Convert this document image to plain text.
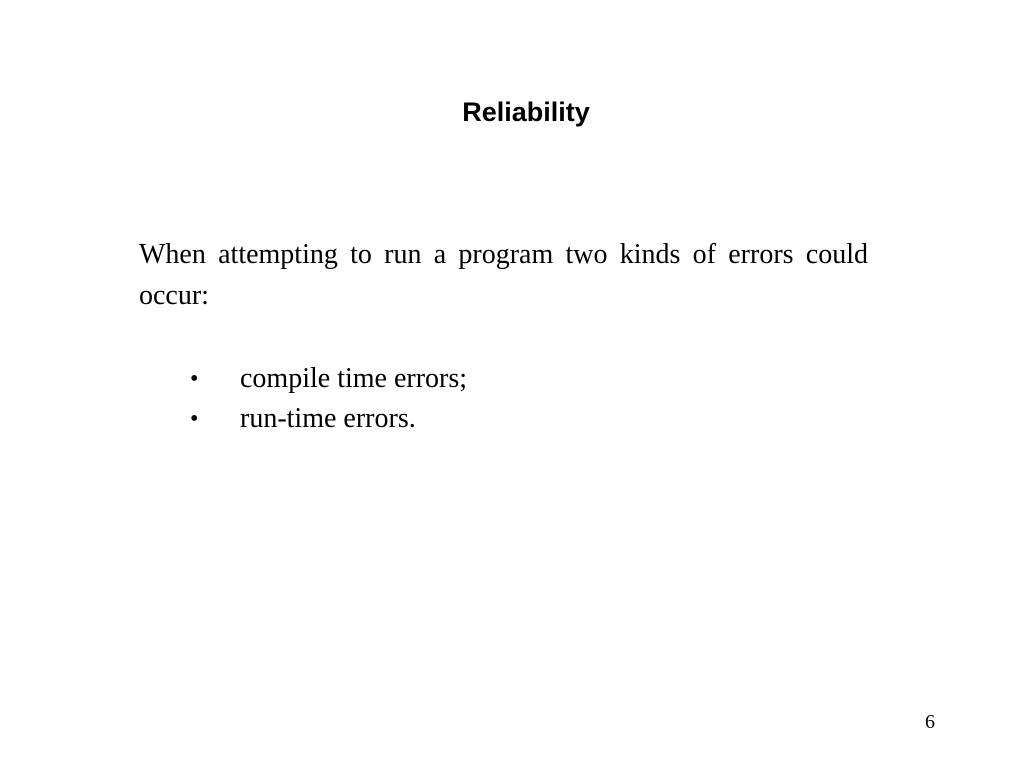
Reliability

When attempting to run a program two kinds of errors could occur:

•	compile time errors;
•	run-time errors.
6
